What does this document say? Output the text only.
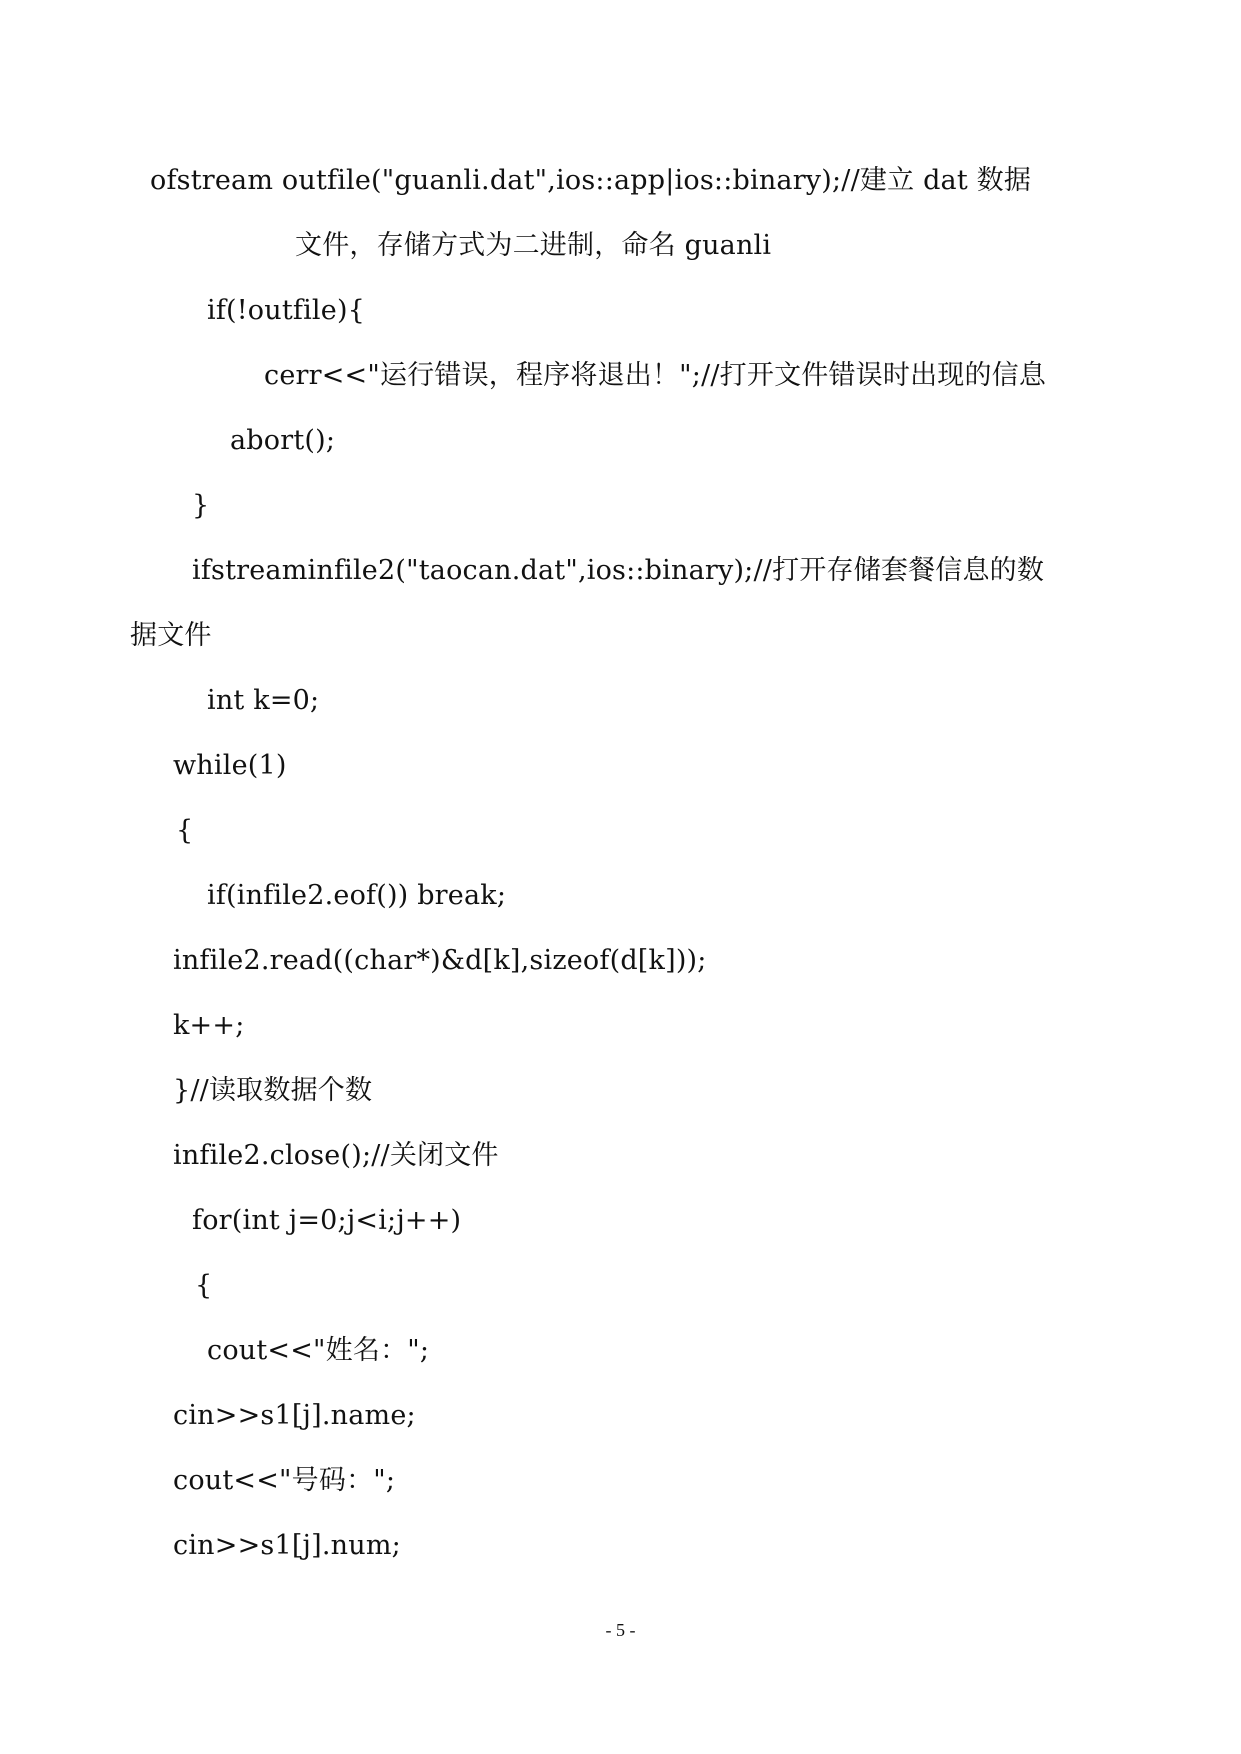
ofstream outfile("guanli.dat",ios::app|ios::binary);//建立 dat 数据
文件，存储方式为二进制，命名 guanli
if(!outfile){
cerr<<"运行错误，程序将退出！";//打开文件错误时出现的信息
abort();
}
ifstreaminfile2("taocan.dat",ios::binary);//打开存储套餐信息的数
据文件
int k=0;
while(1)
{
if(infile2.eof()) break;
infile2.read((char*)&d[k],sizeof(d[k]));
k++;
}//读取数据个数
infile2.close();//关闭文件
for(int j=0;j<i;j++)
{
cout<<"姓名：";
cin>>s1[j].name;
cout<<"号码：";
cin>>s1[j].num;
- 5 -
